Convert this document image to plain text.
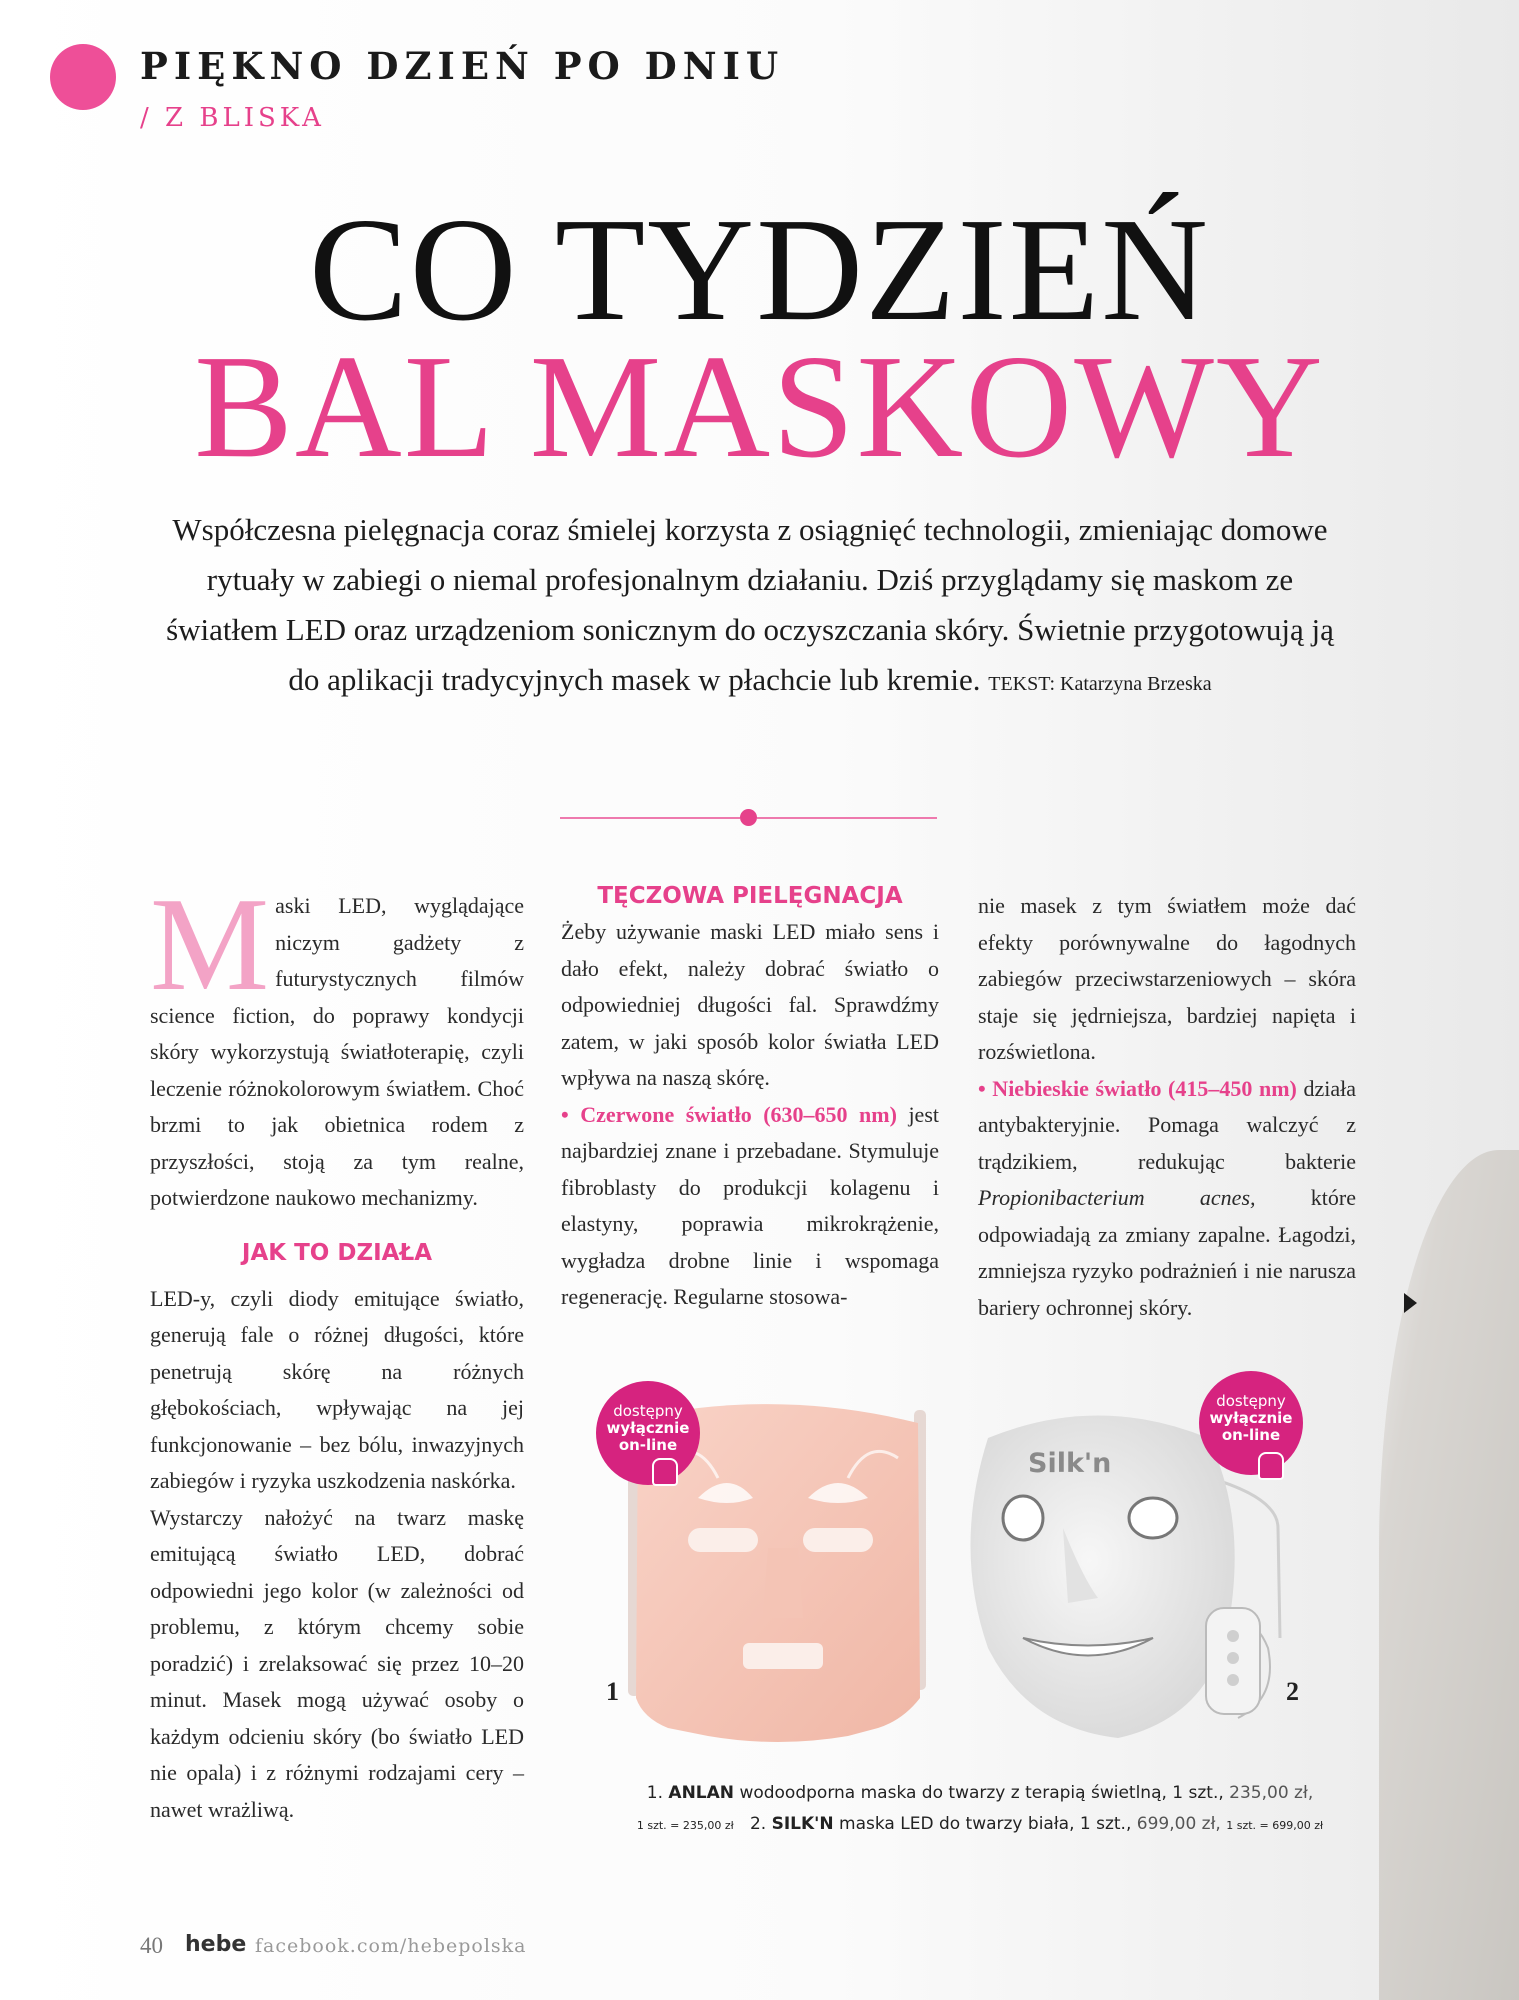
PIĘKNO DZIEŃ PO DNIU
/ Z BLISKA
CO TYDZIEŃ
BAL MASKOWY
Współczesna pielęgnacja coraz śmielej korzysta z osiągnięć technologii, zmieniając domowe rytuały w zabiegi o niemal profesjonalnym działaniu. Dziś przyglądamy się maskom ze światłem LED oraz urządzeniom sonicznym do oczyszczania skóry. Świetnie przygotowują ją do aplikacji tradycyjnych masek w płachcie lub kremie. TEKST: Katarzyna Brzeska

Maski LED, wyglądające niczym gadżety z futurystycznych filmów science fiction, do poprawy kondycji skóry wykorzystują światłoterapię, czyli leczenie różnokolorowym światłem. Choć brzmi to jak obietnica rodem z przyszłości, stoją za tym realne, potwierdzone naukowo mechanizmy.

JAK TO DZIAŁA

LED-y, czyli diody emitujące światło, generują fale o różnej długości, które penetrują skórę na różnych głębokościach, wpływając na jej funkcjonowanie – bez bólu, inwazyjnych zabiegów i ryzyka uszkodzenia naskórka.

Wystarczy nałożyć na twarz maskę emitującą światło LED, dobrać odpowiedni jego kolor (w zależności od problemu, z którym chcemy sobie poradzić) i zrelaksować się przez 10–20 minut. Masek mogą używać osoby o każdym odcieniu skóry (bo światło LED nie opala) i z różnymi rodzajami cery – nawet wrażliwą.

TĘCZOWA PIELĘGNACJA

Żeby używanie maski LED miało sens i dało efekt, należy dobrać światło o odpowiedniej długości fal. Sprawdźmy zatem, w jaki sposób kolor światła LED wpływa na naszą skórę.

• Czerwone światło (630–650 nm) jest najbardziej znane i przebadane. Stymuluje fibroblasty do produkcji kolagenu i elastyny, poprawia mikrokrążenie, wygładza drobne linie i wspomaga regenerację. Regularne stosowa-

nie masek z tym światłem może dać efekty porównywalne do łagodnych zabiegów przeciwstarzeniowych – skóra staje się jędrniejsza, bardziej napięta i rozświetlona.

• Niebieskie światło (415–450 nm) działa antybakteryjnie. Pomaga walczyć z trądzikiem, redukując bakterie Propionibacterium acnes,	które odpowiadają za zmiany zapalne. Łagodzi, zmniejsza ryzyko podrażnień i nie narusza bariery ochronnej skóry.

dostępny
wyłącznie
on-line
1
Silk'n
dostępny
wyłącznie
on-line
2
1. ANLAN wodoodporna maska do twarzy z terapią świetlną, 1 szt., 235,00 zł,
1 szt. = 235,00 zł 2. SILK'N maska LED do twarzy biała, 1 szt., 699,00 zł, 1 szt. = 699,00 zł
40 hebe facebook.com/hebepolska
